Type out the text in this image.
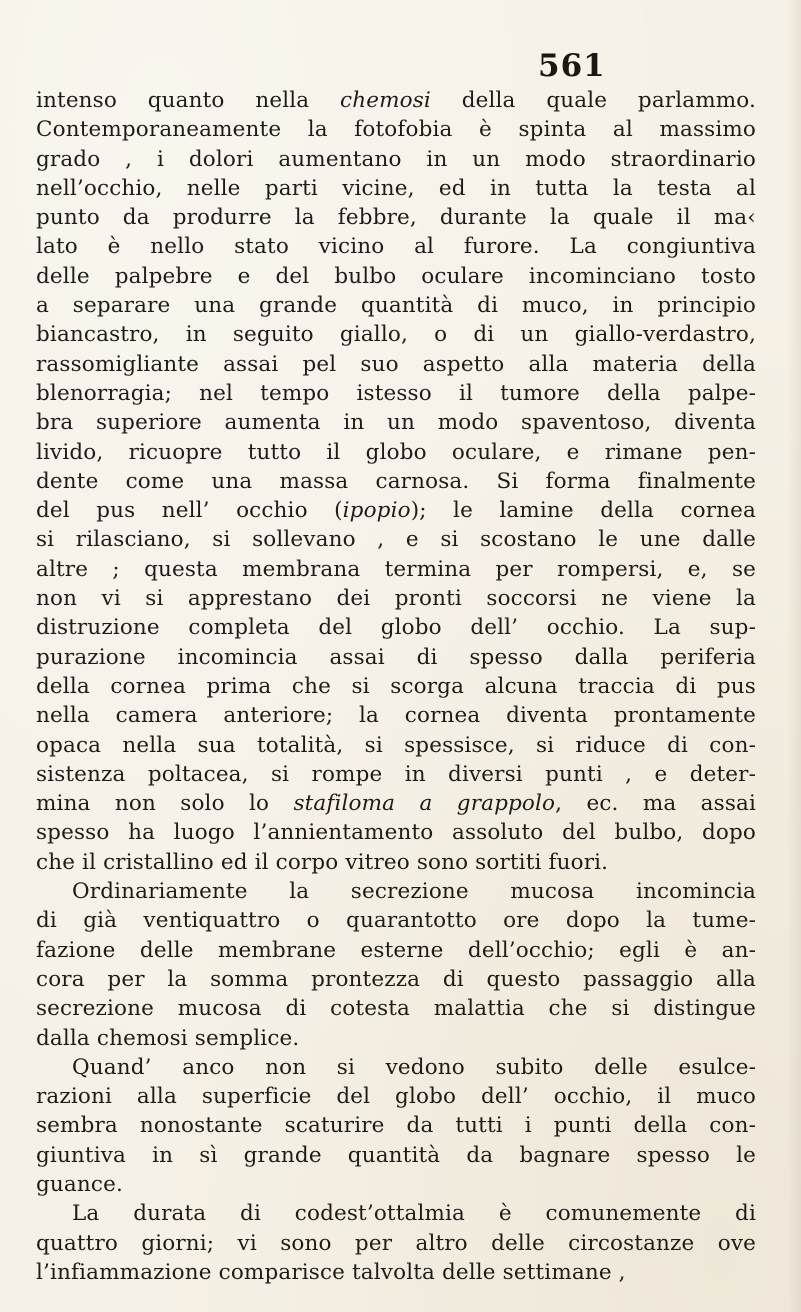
561
intenso quanto nella chemosi della quale parlammo.
Contemporaneamente la fotofobia è spinta al massimo
grado , i dolori aumentano in un modo straordinario
nell’occhio, nelle parti vicine, ed in tutta la testa al
punto da produrre la febbre, durante la quale il ma‹
lato è nello stato vicino al furore. La congiuntiva
delle palpebre e del bulbo oculare incominciano tosto
a separare una grande quantità di muco, in principio
biancastro, in seguito giallo, o di un giallo-verdastro,
rassomigliante assai pel suo aspetto alla materia della
blenorragia; nel tempo istesso il tumore della palpe-
bra superiore aumenta in un modo spaventoso, diventa
livido, ricuopre tutto il globo oculare, e rimane pen-
dente come una massa carnosa. Si forma finalmente
del pus nell’ occhio (ipopio); le lamine della cornea
si rilasciano, si sollevano , e si scostano le une dalle
altre ; questa membrana termina per rompersi, e, se
non vi si apprestano dei pronti soccorsi ne viene la
distruzione completa del globo dell’ occhio. La sup-
purazione incomincia assai di spesso dalla periferia
della cornea prima che si scorga alcuna traccia di pus
nella camera anteriore; la cornea diventa prontamente
opaca nella sua totalità, si spessisce, si riduce di con-
sistenza poltacea, si rompe in diversi punti , e deter-
mina non solo lo stafiloma a grappolo, ec. ma assai
spesso ha luogo l’annientamento assoluto del bulbo, dopo
che il cristallino ed il corpo vitreo sono sortiti fuori.
Ordinariamente la secrezione mucosa incomincia
di già ventiquattro o quarantotto ore dopo la tume-
fazione delle membrane esterne dell’occhio; egli è an-
cora per la somma prontezza di questo passaggio alla
secrezione mucosa di cotesta malattia che si distingue
dalla chemosi semplice.
Quand’ anco non si vedono subito delle esulce-
razioni alla superficie del globo dell’ occhio, il muco
sembra nonostante scaturire da tutti i punti della con-
giuntiva in sì grande quantità da bagnare spesso le
guance.
La durata di codest’ottalmia è comunemente di
quattro giorni; vi sono per altro delle circostanze ove
l’infiammazione comparisce talvolta delle settimane ,
